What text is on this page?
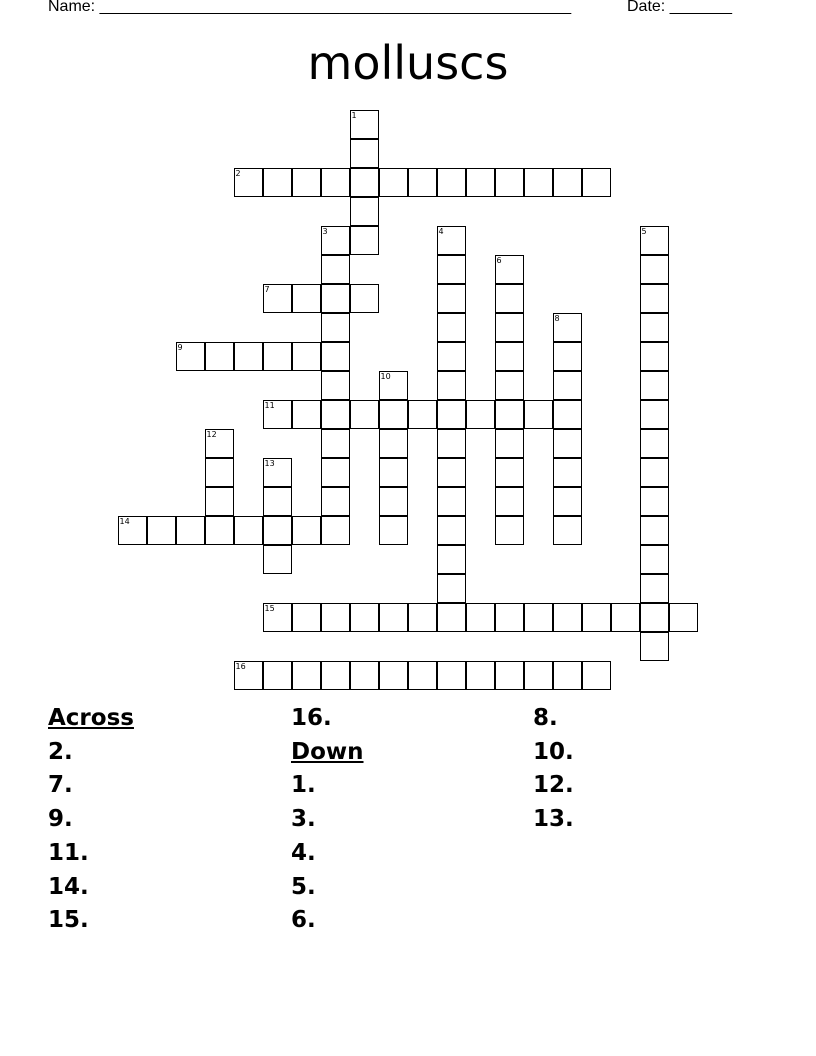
Name: _____________________________________________________	Date: _______
molluscs
1
2
3	4	5
6
7
8
9
10
11
12
13
14
15
16
Across
2.
7.
9.
11.
14.
15.
16.
Down
1.
3.
4.
5.
6.
8.
10.
12.
13.
